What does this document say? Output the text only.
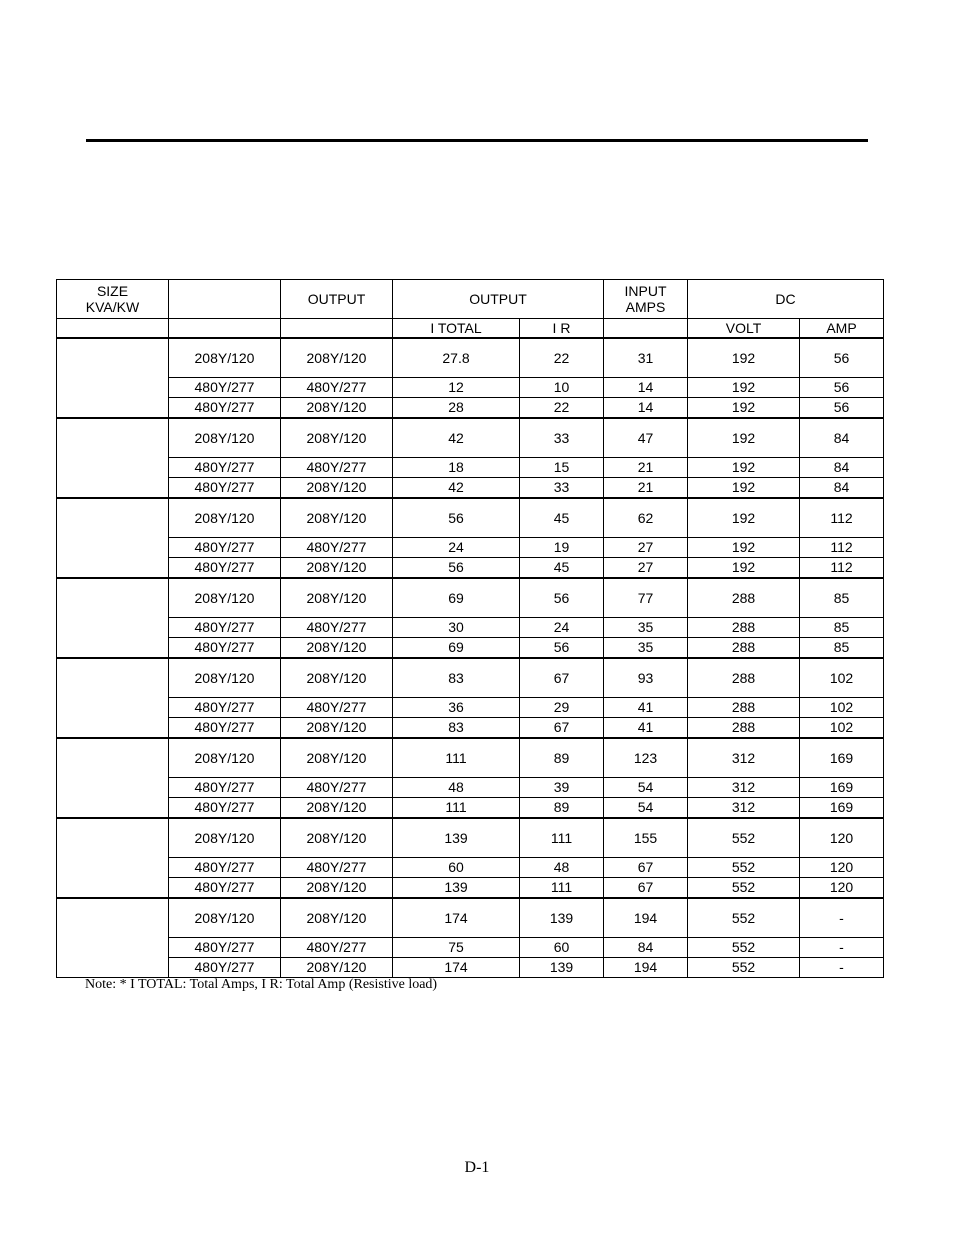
SIZE KVA/KW		OUTPUT	OUTPUT		INPUT AMPS	DC	
			I TOTAL	I R		VOLT	AMP
	208Y/120	208Y/120	27.8	22	31	192	56
	480Y/277	480Y/277	12	10	14	192	56
	480Y/277	208Y/120	28	22	14	192	56
	208Y/120	208Y/120	42	33	47	192	84
	480Y/277	480Y/277	18	15	21	192	84
	480Y/277	208Y/120	42	33	21	192	84
	208Y/120	208Y/120	56	45	62	192	112
	480Y/277	480Y/277	24	19	27	192	112
	480Y/277	208Y/120	56	45	27	192	112
	208Y/120	208Y/120	69	56	77	288	85
	480Y/277	480Y/277	30	24	35	288	85
	480Y/277	208Y/120	69	56	35	288	85
	208Y/120	208Y/120	83	67	93	288	102
	480Y/277	480Y/277	36	29	41	288	102
	480Y/277	208Y/120	83	67	41	288	102
	208Y/120	208Y/120	111	89	123	312	169
	480Y/277	480Y/277	48	39	54	312	169
	480Y/277	208Y/120	111	89	54	312	169
	208Y/120	208Y/120	139	111	155	552	120
	480Y/277	480Y/277	60	48	67	552	120
	480Y/277	208Y/120	139	111	67	552	120
	208Y/120	208Y/120	174	139	194	552	-
	480Y/277	480Y/277	75	60	84	552	-
	480Y/277	208Y/120	174	139	194	552	-
Note: * I TOTAL: Total Amps, I R: Total Amp (Resistive load)
D-1
